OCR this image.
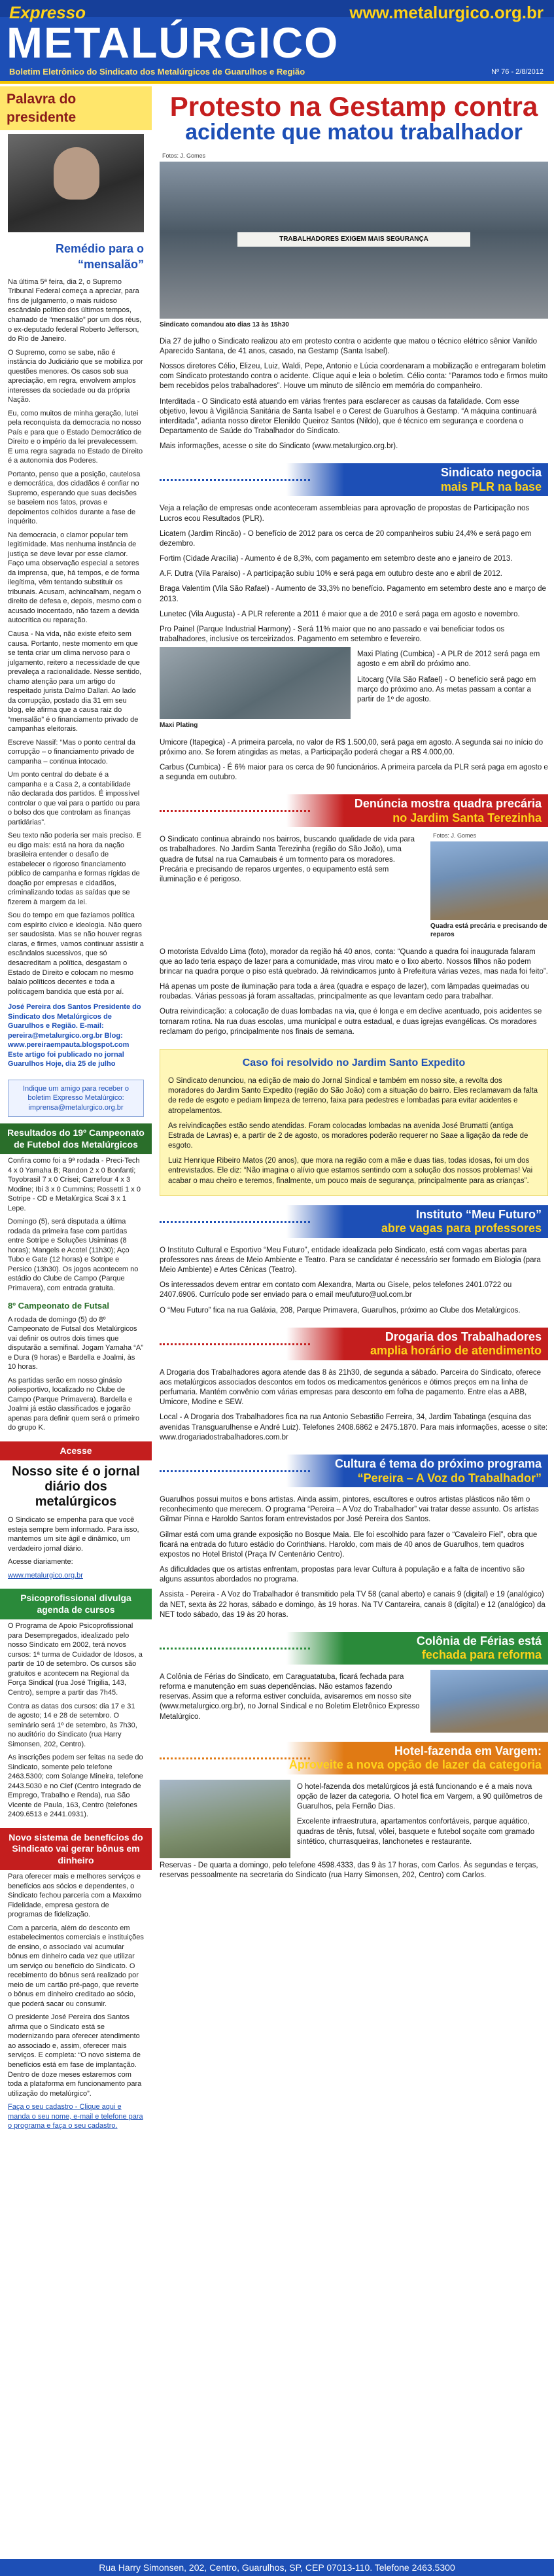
Expresso
METALÚRGICO
www.metalurgico.org.br
Boletim Eletrônico do Sindicato dos Metalúrgicos de Guarulhos e Região	Nº 76 - 2/8/2012
Palavra do presidente
Remédio para o “mensalão”
Na última 5ª feira, dia 2, o Supremo Tribunal Federal começa a apreciar, para fins de julgamento, o mais ruidoso escândalo político dos últimos tempos, chamado de “mensalão” por um dos réus, o ex-deputado federal Roberto Jefferson, do Rio de Janeiro.
O Supremo, como se sabe, não é instância do Judiciário que se mobiliza por questões menores. Os casos sob sua apreciação, em regra, envolvem amplos interesses da sociedade ou da própria Nação.
Eu, como muitos de minha geração, lutei pela reconquista da democracia no nosso País e para que o Estado Democrático de Direito e o império da lei prevalecessem. E uma regra sagrada no Estado de Direito é a autonomia dos Poderes.
Portanto, penso que a posição, cautelosa e democrática, dos cidadãos é confiar no Supremo, esperando que suas decisões se baseiem nos fatos, provas e depoimentos colhidos durante a fase de inquérito.
Na democracia, o clamor popular tem legitimidade. Mas nenhuma instância de justiça se deve levar por esse clamor. Faço uma observação especial a setores da imprensa, que, há tempos, e de forma ilegítima, vêm tentando substituir os tribunais. Acusam, achincalham, negam o direito de defesa e, depois, mesmo com o acusado inocentado, não fazem a devida autocrítica ou reparação.
Causa - Na vida, não existe efeito sem causa. Portanto, neste momento em que se tenta criar um clima nervoso para o julgamento, reitero a necessidade de que prevaleça a racionalidade. Nesse sentido, chamo atenção para um artigo do respeitado jurista Dalmo Dallari. Ao lado da corrupção, postado dia 31 em seu blog, ele afirma que a causa raiz do “mensalão” é o financiamento privado de campanhas eleitorais.
Escreve Nassif: “Mas o ponto central da corrupção – o financiamento privado de campanha – continua intocado.
Um ponto central do debate é a campanha e a Casa 2, a contabilidade não declarada dos partidos. É impossível controlar o que vai para o partido ou para o bolso dos que controlam as finanças partidárias”.
Seu texto não poderia ser mais preciso. E eu digo mais: está na hora da nação brasileira entender o desafio de estabelecer o rigoroso financiamento público de campanha e formas rígidas de doação por empresas e cidadãos, criminalizando todas as saídas que se fizerem à margem da lei.
Sou do tempo em que fazíamos política com espírito cívico e ideologia. Não quero ser saudosista. Mas se não houver regras claras, e firmes, vamos continuar assistir a escândalos sucessivos, que só desacreditam a política, desgastam o Estado de Direito e colocam no mesmo balaio políticos decentes e toda a politicagem bandida que está por aí.
José Pereira dos Santos Presidente do Sindicato dos Metalúrgicos de Guarulhos e Região. E-mail: pereira@metalurgico.org.br Blog: www.pereiraempauta.blogspot.com Este artigo foi publicado no jornal Guarulhos Hoje, dia 25 de julho
Indique um amigo para receber o boletim Expresso Metalúrgico: imprensa@metalurgico.org.br
Resultados do 19º Campeonato de Futebol dos Metalúrgicos
Confira como foi a 9ª rodada - Preci-Tech 4 x 0 Yamaha B; Randon 2 x 0 Bonfanti; Toyobrasil 7 x 0 Crisei; Carrefour 4 x 3 Modine; Ibi 3 x 0 Cummins; Rossetti 1 x 0 Sotripe - CD e Metalúrgica Scai 3 x 1 Lepe.
Domingo (5), será disputada a última rodada da primeira fase com partidas entre Sotripe e Soluções Usiminas (8 horas); Mangels e Acotel (11h30); Aço Tubo e Gate (12 horas) e Sotripe e Persico (13h30). Os jogos acontecem no estádio do Clube de Campo (Parque Primavera), com entrada gratuita.
8º Campeonato de Futsal
A rodada de domingo (5) do 8º Campeonato de Futsal dos Metalúrgicos vai definir os outros dois times que disputarão a semifinal. Jogam Yamaha “A” e Dura (9 horas) e Bardella e Joalmi, às 10 horas.
As partidas serão em nosso ginásio poliesportivo, localizado no Clube de Campo (Parque Primavera). Bardella e Joalmi já estão classificados e jogarão apenas para definir quem será o primeiro do grupo K.
Acesse
Nosso site é o jornal diário dos metalúrgicos
O Sindicato se empenha para que você esteja sempre bem informado. Para isso, mantemos um site ágil e dinâmico, um verdadeiro jornal diário.
Acesse diariamente:
www.metalurgico.org.br
Psicoprofissional divulga agenda de cursos
O Programa de Apoio Psicoprofissional para Desempregados, idealizado pelo nosso Sindicato em 2002, terá novos cursos: 1ª turma de Cuidador de Idosos, a partir de 10 de setembro. Os cursos são gratuitos e acontecem na Regional da Força Sindical (rua José Trigilia, 143, Centro), sempre a partir das 7h45.
Contra as datas dos cursos: dia 17 e 31 de agosto; 14 e 28 de setembro. O seminário será 1º de setembro, às 7h30, no auditório do Sindicato (rua Harry Simonsen, 202, Centro).
As inscrições podem ser feitas na sede do Sindicato, somente pelo telefone 2463.5300; com Solange Mineira, telefone 2443.5030 e no Cief (Centro Integrado de Emprego, Trabalho e Renda), rua São Vicente de Paula, 163, Centro (telefones 2409.6513 e 2441.0931).
Novo sistema de benefícios do Sindicato vai gerar bônus em dinheiro
Para oferecer mais e melhores serviços e benefícios aos sócios e dependentes, o Sindicato fechou parceria com a Maxximo Fidelidade, empresa gestora de programas de fidelização.
Com a parceria, além do desconto em estabelecimentos comerciais e instituições de ensino, o associado vai acumular bônus em dinheiro cada vez que utilizar um serviço ou benefício do Sindicato. O recebimento do bônus será realizado por meio de um cartão pré-pago, que reverte o bônus em dinheiro creditado ao sócio, que poderá sacar ou consumir.
O presidente José Pereira dos Santos afirma que o Sindicato está se modernizando para oferecer atendimento ao associado e, assim, oferecer mais serviços. E completa: “O novo sistema de benefícios está em fase de implantação. Dentro de doze meses estaremos com toda a plataforma em funcionamento para utilização do metalúrgico”.
Faça o seu cadastro - Clique aqui e manda o seu nome, e-mail e telefone para o programa e faça o seu cadastro.
Protesto na Gestamp contra
acidente que matou trabalhador
Fotos: J. Gomes
TRABALHADORES EXIGEM MAIS SEGURANÇA
Sindicato comandou ato dias 13 às 15h30
Dia 27 de julho o Sindicato realizou ato em protesto contra o acidente que matou o técnico elétrico sênior Vanildo Aparecido Santana, de 41 anos, casado, na Gestamp (Santa Isabel).
Nossos diretores Célio, Elizeu, Luiz, Waldi, Pepe, Antonio e Lúcia coordenaram a mobilização e entregaram boletim com Sindicato protestando contra o acidente. Clique aqui e leia o boletim. Célio conta: “Paramos todo e firmos muito bem recebidos pelos trabalhadores”. Houve um minuto de silêncio em memória do companheiro.
Interditada - O Sindicato está atuando em várias frentes para esclarecer as causas da fatalidade. Com esse objetivo, levou à Vigilância Sanitária de Santa Isabel e o Cerest de Guarulhos à Gestamp. “A máquina continuará interditada”, adianta nosso diretor Elenildo Queiroz Santos (Nildo), que é técnico em segurança e coordena o Departamento de Saúde do Trabalhador do Sindicato.
Mais informações, acesse o site do Sindicato (www.metalurgico.org.br).
Sindicato negocia
mais PLR na base
Veja a relação de empresas onde aconteceram assembleias para aprovação de propostas de Participação nos Lucros ecou Resultados (PLR).
Licatem (Jardim Rincão) - O benefício de 2012 para os cerca de 20 companheiros subiu 24,4% e será pago em dezembro.
Fortim (Cidade Aracília) - Aumento é de 8,3%, com pagamento em setembro deste ano e janeiro de 2013.
A.F. Dutra (Vila Paraíso) - A participação subiu 10% e será paga em outubro deste ano e abril de 2012.
Braga Valentim (Vila São Rafael) - Aumento de 33,3% no benefício. Pagamento em setembro deste ano e março de 2013.
Lunetec (Vila Augusta) - A PLR referente a 2011 é maior que a de 2010 e será paga em agosto e novembro.
Pro Painel (Parque Industrial Harmony) - Será 11% maior que no ano passado e vai beneficiar todos os trabalhadores, inclusive os terceirizados. Pagamento em setembro e fevereiro.
Maxi Plating
Maxi Plating (Cumbica) - A PLR de 2012 será paga em agosto e em abril do próximo ano.
Litocarg (Vila São Rafael) - O benefício será pago em março do próximo ano. As metas passam a contar a partir de 1º de agosto.
Umicore (Itapegica) - A primeira parcela, no valor de R$ 1.500,00, será paga em agosto. A segunda sai no início do próximo ano. Se forem atingidas as metas, a Participação poderá chegar a R$ 4.000,00.
Carbus (Cumbica) - É 6% maior para os cerca de 90 funcionários. A primeira parcela da PLR será paga em agosto e a segunda em outubro.
Denúncia mostra quadra precária
no Jardim Santa Terezinha
O Sindicato continua abraindo nos bairros, buscando qualidade de vida para os trabalhadores. No Jardim Santa Terezinha (região do São João), uma quadra de futsal na rua Camaubais é um tormento para os moradores. Precária e precisando de reparos urgentes, o equipamento está sem iluminação e é perigoso.
Fotos: J. Gomes
Quadra está precária e precisando de reparos
O motorista Edvaldo Lima (foto), morador da região há 40 anos, conta: “Quando a quadra foi inaugurada falaram que ao lado teria espaço de lazer para a comunidade, mas virou mato e o lixo aberto. Nossos filhos não podem brincar na quadra porque o piso está quebrado. Já reivindicamos junto à Prefeitura várias vezes, mas nada foi feito”.
Há apenas um poste de iluminação para toda a área (quadra e espaço de lazer), com lâmpadas queimadas ou roubadas. Várias pessoas já foram assaltadas, principalmente as que levantam cedo para trabalhar.
Outra reivindicação: a colocação de duas lombadas na via, que é longa e em declive acentuado, pois acidentes se tornaram rotina. Na rua duas escolas, uma municipal e outra estadual, e duas igrejas evangélicas. Os moradores reclamam do perigo, principalmente nos finais de semana.
Caso foi resolvido no Jardim Santo Expedito
O Sindicato denunciou, na edição de maio do Jornal Sindical e também em nosso site, a revolta dos moradores do Jardim Santo Expedito (região do São João) com a situação do bairro. Eles reclamavam da falta de rede de esgoto e pediam limpeza de terreno, faixa para pedestres e lombadas para evitar acidentes e atropelamentos.
As reivindicações estão sendo atendidas. Foram colocadas lombadas na avenida José Brumatti (antiga Estrada de Lavras) e, a partir de 2 de agosto, os moradores poderão requerer no Saae a ligação da rede de esgoto.
Luiz Henrique Ribeiro Matos (20 anos), que mora na região com a mãe e duas tias, todas idosas, foi um dos entrevistados. Ele diz: “Não imagina o alívio que estamos sentindo com a solução dos nossos problemas! Vai acabar o mau cheiro e teremos, finalmente, um pouco mais de segurança, principalmente para as crianças”.
Instituto “Meu Futuro”
abre vagas para professores
O Instituto Cultural e Esportivo “Meu Futuro”, entidade idealizada pelo Sindicato, está com vagas abertas para professores nas áreas de Meio Ambiente e Teatro. Para se candidatar é necessário ser formado em Biologia (para Meio Ambiente) e Artes Cênicas (Teatro).
Os interessados devem entrar em contato com Alexandra, Marta ou Gisele, pelos telefones 2401.0722 ou 2407.6906. Currículo pode ser enviado para o email meufuturo@uol.com.br
O “Meu Futuro” fica na rua Galáxia, 208, Parque Primavera, Guarulhos, próximo ao Clube dos Metalúrgicos.
Drogaria dos Trabalhadores
amplia horário de atendimento
A Drogaria dos Trabalhadores agora atende das 8 às 21h30, de segunda a sábado. Parceira do Sindicato, oferece aos metalúrgicos associados descontos em todos os medicamentos genéricos e ótimos preços em na linha de perfumaria. Mantém convênio com várias empresas para desconto em folha de pagamento. Entre elas a ABB, Umicore, Modine e SEW.
Local - A Drogaria dos Trabalhadores fica na rua Antonio Sebastião Ferreira, 34, Jardim Tabatinga (esquina das avenidas Transguarulhense e André Luiz). Telefones 2408.6862 e 2475.1870. Para mais informações, acesse o site: www.drogariadostrabalhadores.com.br
Cultura é tema do próximo programa
“Pereira – A Voz do Trabalhador”
Guarulhos possui muitos e bons artistas. Ainda assim, pintores, escultores e outros artistas plásticos não têm o reconhecimento que merecem. O programa “Pereira – A Voz do Trabalhador” vai tratar desse assunto. Os artistas Gilmar Pinna e Haroldo Santos foram entrevistados por José Pereira dos Santos.
Gilmar está com uma grande exposição no Bosque Maia. Ele foi escolhido para fazer o “Cavaleiro Fiel”, obra que ficará na entrada do futuro estádio do Corinthians. Haroldo, com mais de 40 anos de Guarulhos, tem quadros expostos no Hotel Bristol (Praça IV Centenário Centro).
As dificuldades que os artistas enfrentam, propostas para levar Cultura à população e a falta de incentivo são alguns assuntos abordados no programa.
Assista - Pereira - A Voz do Trabalhador é transmitido pela TV 58 (canal aberto) e canais 9 (digital) e 19 (analógico) da NET, sexta às 22 horas, sábado e domingo, às 19 horas. Na TV Cantareira, canais 8 (digital) e 12 (analógico) da NET todo sábado, das 19 às 20 horas.
Colônia de Férias está
fechada para reforma
A Colônia de Férias do Sindicato, em Caraguatatuba, ficará fechada para reforma e manutenção em suas dependências. Não estamos fazendo reservas. Assim que a reforma estiver concluída, avisaremos em nosso site (www.metalurgico.org.br), no Jornal Sindical e no Boletim Eletrônico Expresso Metalúrgico.
Hotel-fazenda em Vargem:
Aproveite a nova opção de lazer da categoria
O hotel-fazenda dos metalúrgicos já está funcionando e é a mais nova opção de lazer da categoria. O hotel fica em Vargem, a 90 quilômetros de Guarulhos, pela Fernão Dias.
Excelente infraestrutura, apartamentos confortáveis, parque aquático, quadras de tênis, futsal, vôlei, basquete e futebol soçaite com gramado sintético, churrasqueiras, lanchonetes e restaurante.
Reservas - De quarta a domingo, pelo telefone 4598.4333, das 9 às 17 horas, com Carlos. Às segundas e terças, reservas pessoalmente na secretaria do Sindicato (rua Harry Simonsen, 202, Centro) com Carlos.
Rua Harry Simonsen, 202, Centro, Guarulhos, SP, CEP 07013-110. Telefone 2463.5300
